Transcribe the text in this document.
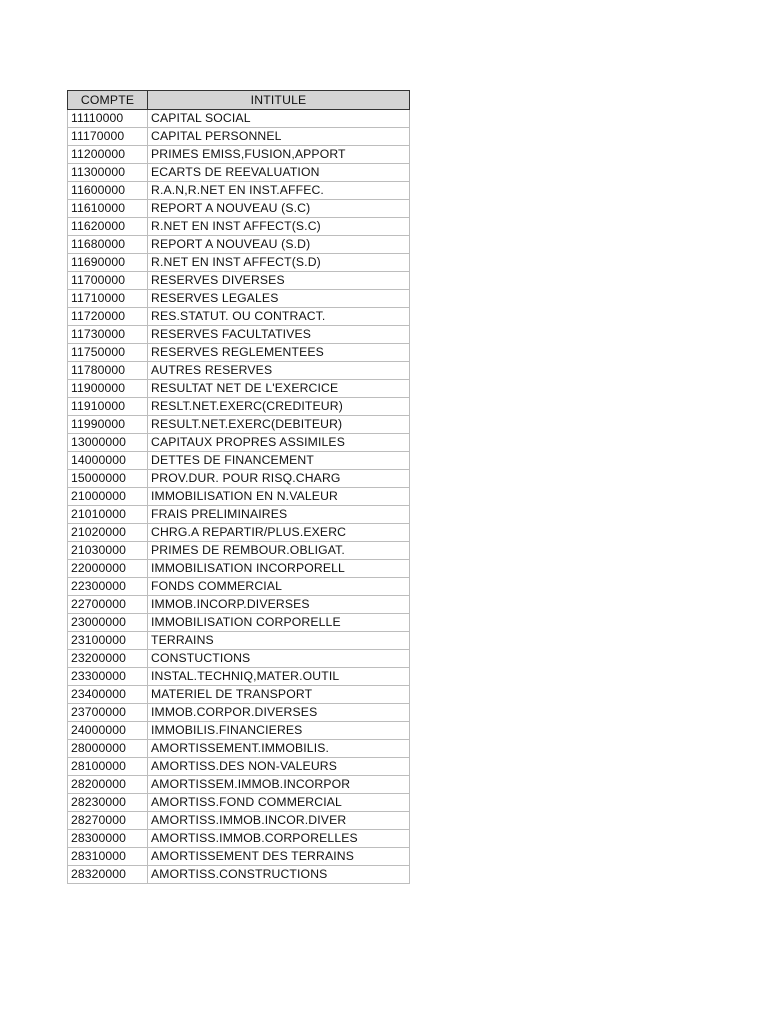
COMPTE	INTITULE
11110000	CAPITAL SOCIAL
11170000	CAPITAL PERSONNEL
11200000	PRIMES EMISS,FUSION,APPORT
11300000	ECARTS DE REEVALUATION
11600000	R.A.N,R.NET EN INST.AFFEC.
11610000	REPORT A NOUVEAU (S.C)
11620000	R.NET EN INST AFFECT(S.C)
11680000	REPORT A NOUVEAU (S.D)
11690000	R.NET EN INST AFFECT(S.D)
11700000	RESERVES DIVERSES
11710000	RESERVES LEGALES
11720000	RES.STATUT. OU CONTRACT.
11730000	RESERVES FACULTATIVES
11750000	RESERVES REGLEMENTEES
11780000	AUTRES RESERVES
11900000	RESULTAT NET DE L'EXERCICE
11910000	RESLT.NET.EXERC(CREDITEUR)
11990000	RESULT.NET.EXERC(DEBITEUR)
13000000	CAPITAUX PROPRES ASSIMILES
14000000	DETTES DE FINANCEMENT
15000000	PROV.DUR. POUR RISQ.CHARG
21000000	IMMOBILISATION EN N.VALEUR
21010000	FRAIS PRELIMINAIRES
21020000	CHRG.A REPARTIR/PLUS.EXERC
21030000	PRIMES DE REMBOUR.OBLIGAT.
22000000	IMMOBILISATION INCORPORELL
22300000	FONDS COMMERCIAL
22700000	IMMOB.INCORP.DIVERSES
23000000	IMMOBILISATION CORPORELLE
23100000	TERRAINS
23200000	CONSTUCTIONS
23300000	INSTAL.TECHNIQ,MATER.OUTIL
23400000	MATERIEL DE TRANSPORT
23700000	IMMOB.CORPOR.DIVERSES
24000000	IMMOBILIS.FINANCIERES
28000000	AMORTISSEMENT.IMMOBILIS.
28100000	AMORTISS.DES NON-VALEURS
28200000	AMORTISSEM.IMMOB.INCORPOR
28230000	AMORTISS.FOND COMMERCIAL
28270000	AMORTISS.IMMOB.INCOR.DIVER
28300000	AMORTISS.IMMOB.CORPORELLES
28310000	AMORTISSEMENT DES TERRAINS
28320000	AMORTISS.CONSTRUCTIONS
